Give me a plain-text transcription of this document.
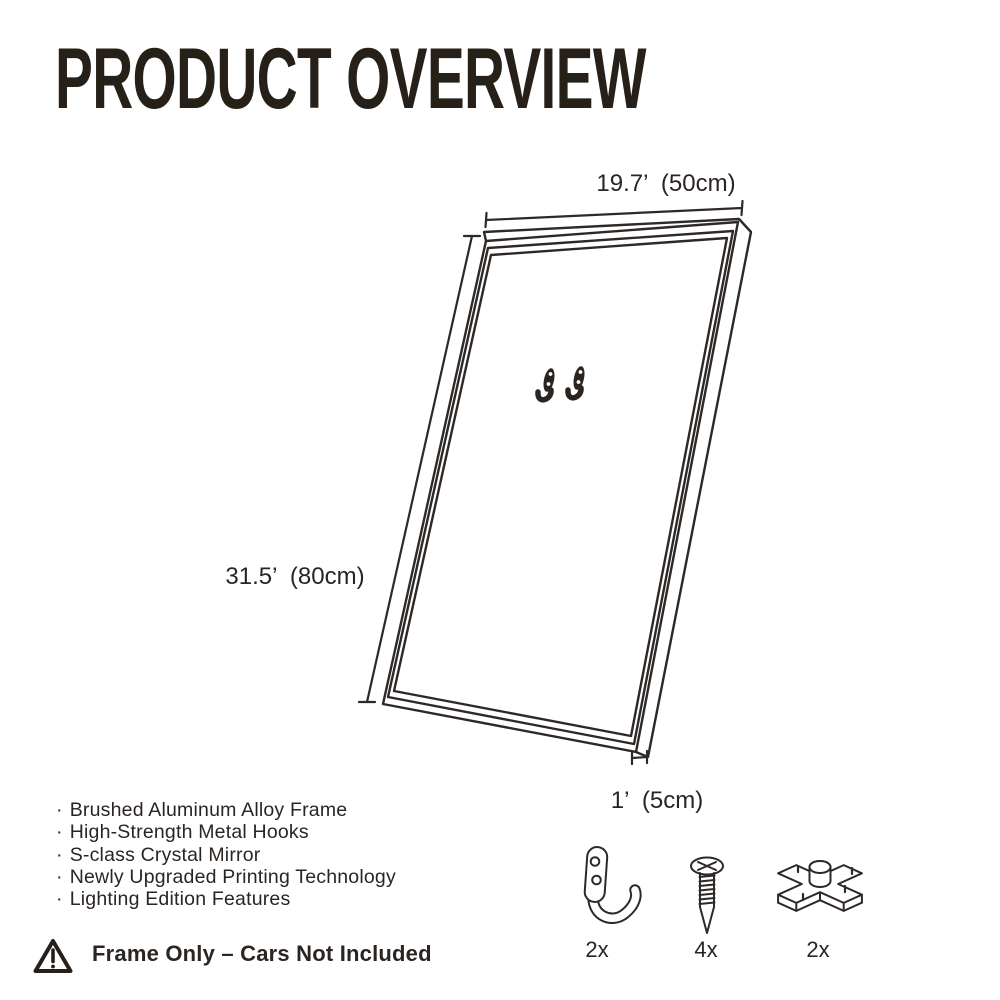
PRODUCT OVERVIEW
19.7’  (50cm)
31.5’  (80cm)
1’  (5cm)
· Brushed Aluminum Alloy Frame
· High-Strength Metal Hooks
· S-class Crystal Mirror
· Newly Upgraded Printing Technology
· Lighting Edition Features
Frame Only – Cars Not Included	2x	4x	2x
